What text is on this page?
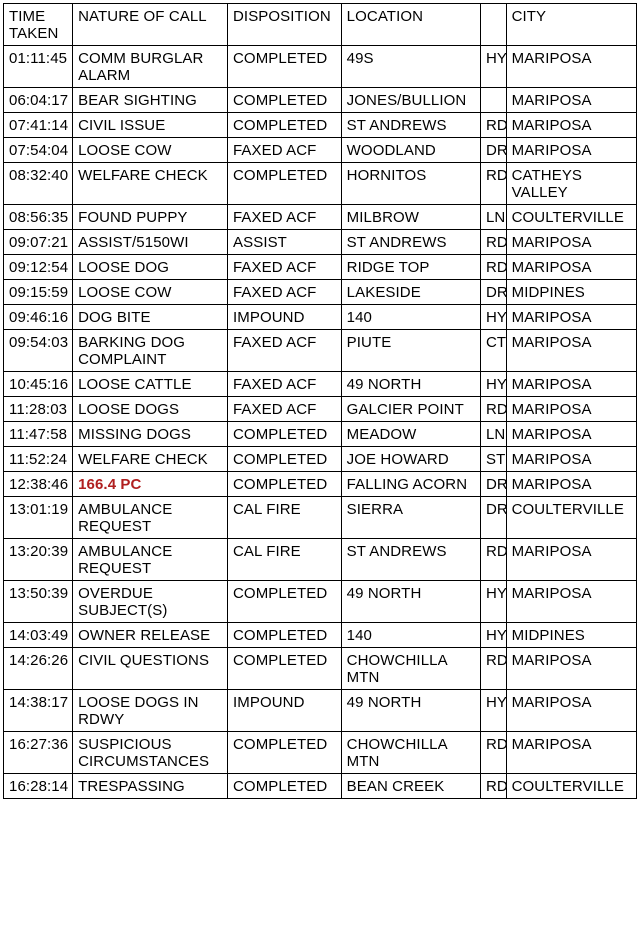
TIME TAKEN	NATURE OF CALL	DISPOSITION	LOCATION		CITY
01:11:45	COMM BURGLAR ALARM	COMPLETED	49S	HY	MARIPOSA
06:04:17	BEAR SIGHTING	COMPLETED	JONES/BULLION		MARIPOSA
07:41:14	CIVIL ISSUE	COMPLETED	ST ANDREWS	RD	MARIPOSA
07:54:04	LOOSE COW	FAXED ACF	WOODLAND	DR	MARIPOSA
08:32:40	WELFARE CHECK	COMPLETED	HORNITOS	RD	CATHEYS VALLEY
08:56:35	FOUND PUPPY	FAXED ACF	MILBROW	LN	COULTERVILLE
09:07:21	ASSIST/5150WI	ASSIST	ST ANDREWS	RD	MARIPOSA
09:12:54	LOOSE DOG	FAXED ACF	RIDGE TOP	RD	MARIPOSA
09:15:59	LOOSE COW	FAXED ACF	LAKESIDE	DR	MIDPINES
09:46:16	DOG BITE	IMPOUND	140	HY	MARIPOSA
09:54:03	BARKING DOG COMPLAINT	FAXED ACF	PIUTE	CT	MARIPOSA
10:45:16	LOOSE CATTLE	FAXED ACF	49 NORTH	HY	MARIPOSA
11:28:03	LOOSE DOGS	FAXED ACF	GALCIER POINT	RD	MARIPOSA
11:47:58	MISSING DOGS	COMPLETED	MEADOW	LN	MARIPOSA
11:52:24	WELFARE CHECK	COMPLETED	JOE HOWARD	ST	MARIPOSA
12:38:46	166.4 PC	COMPLETED	FALLING ACORN	DR	MARIPOSA
13:01:19	AMBULANCE REQUEST	CAL FIRE	SIERRA	DR	COULTERVILLE
13:20:39	AMBULANCE REQUEST	CAL FIRE	ST ANDREWS	RD	MARIPOSA
13:50:39	OVERDUE SUBJECT(S)	COMPLETED	49 NORTH	HY	MARIPOSA
14:03:49	OWNER RELEASE	COMPLETED	140	HY	MIDPINES
14:26:26	CIVIL QUESTIONS	COMPLETED	CHOWCHILLA MTN	RD	MARIPOSA
14:38:17	LOOSE DOGS IN RDWY	IMPOUND	49 NORTH	HY	MARIPOSA
16:27:36	SUSPICIOUS CIRCUMSTANCES	COMPLETED	CHOWCHILLA MTN	RD	MARIPOSA
16:28:14	TRESPASSING	COMPLETED	BEAN CREEK	RD	COULTERVILLE
